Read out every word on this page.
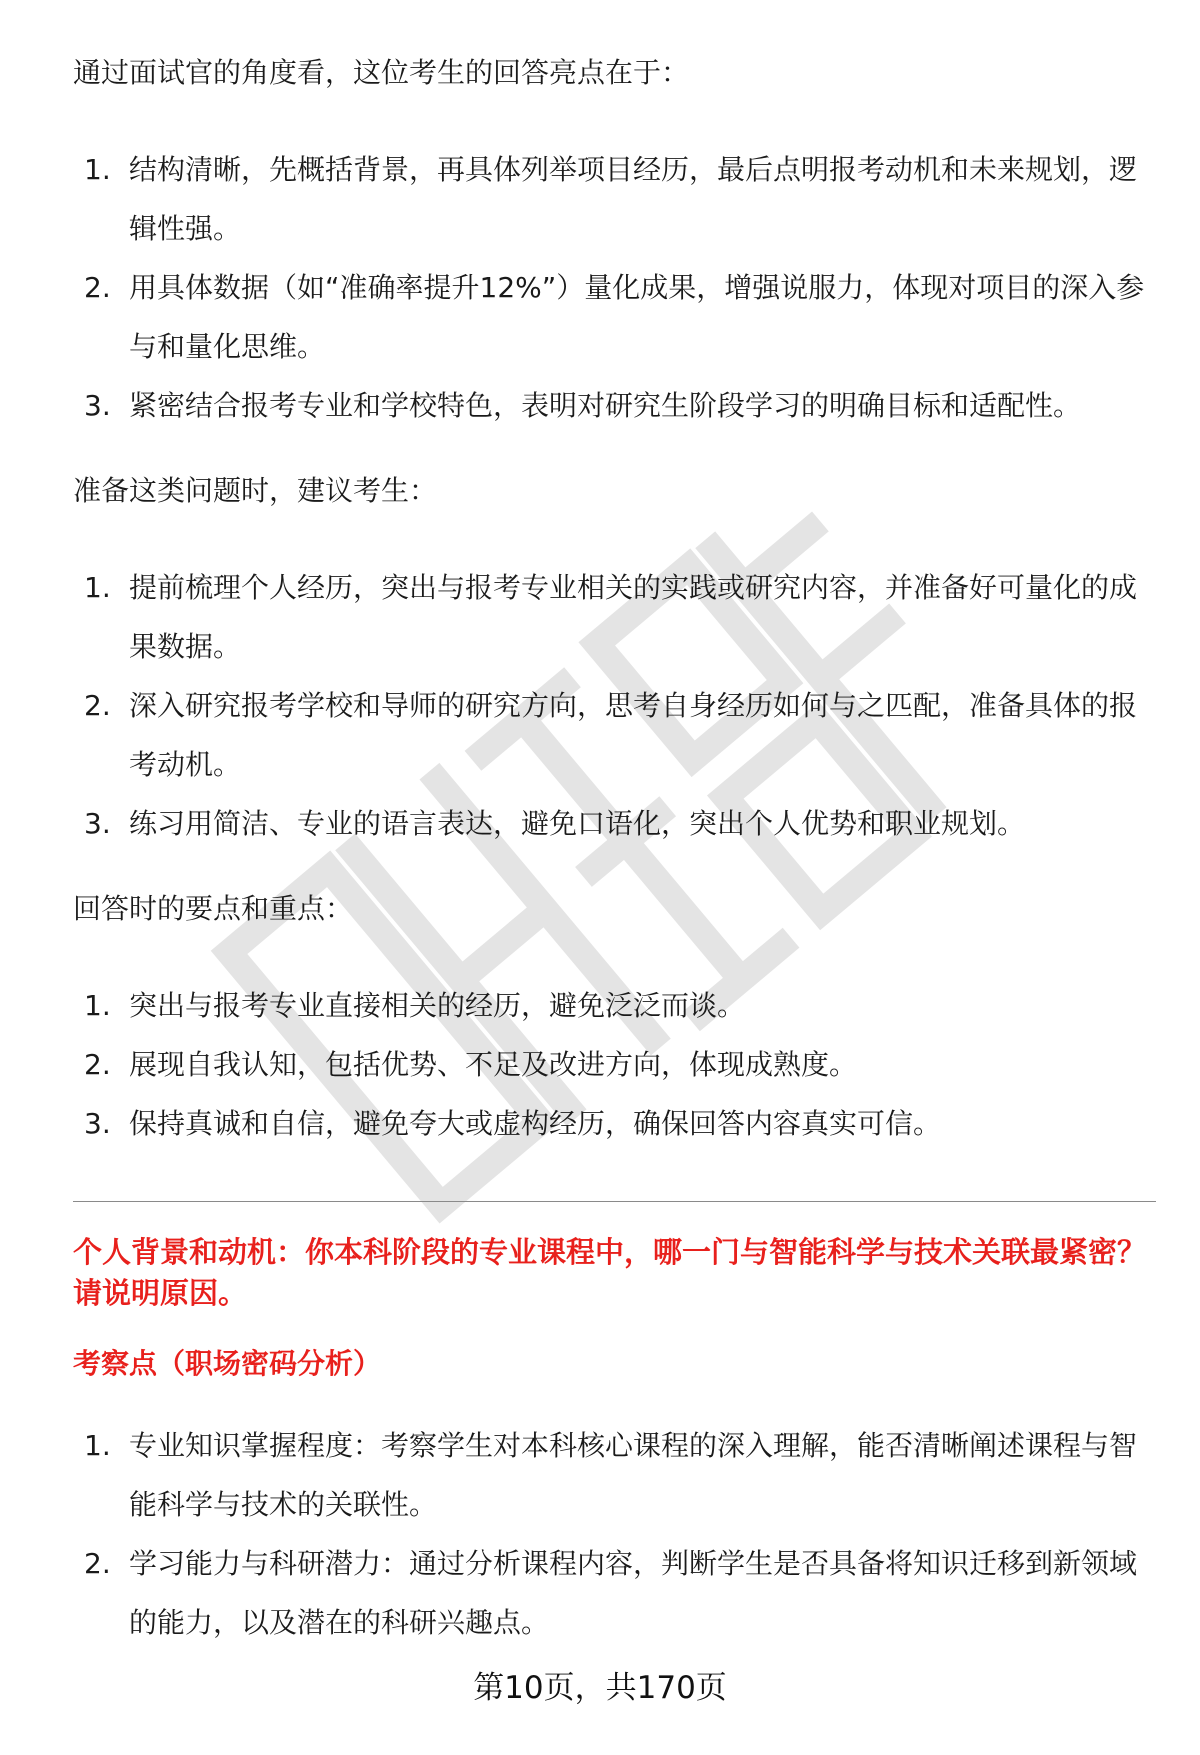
通过面试官的角度看，这位考生的回答亮点在于：

1. 结构清晰，先概括背景，再具体列举项目经历，最后点明报考动机和未来规划，逻辑性强。
2. 用具体数据（如“准确率提升12%”）量化成果，增强说服力，体现对项目的深入参与和量化思维。
3. 紧密结合报考专业和学校特色，表明对研究生阶段学习的明确目标和适配性。

准备这类问题时，建议考生：

1. 提前梳理个人经历，突出与报考专业相关的实践或研究内容，并准备好可量化的成果数据。
2. 深入研究报考学校和导师的研究方向，思考自身经历如何与之匹配，准备具体的报考动机。
3. 练习用简洁、专业的语言表达，避免口语化，突出个人优势和职业规划。

回答时的要点和重点：

1. 突出与报考专业直接相关的经历，避免泛泛而谈。
2. 展现自我认知，包括优势、不足及改进方向，体现成熟度。
3. 保持真诚和自信，避免夸大或虚构经历，确保回答内容真实可信。

个人背景和动机：你本科阶段的专业课程中，哪一门与智能科学与技术关联最紧密？请说明原因。

考察点（职场密码分析）

1. 专业知识掌握程度：考察学生对本科核心课程的深入理解，能否清晰阐述课程与智能科学与技术的关联性。
2. 学习能力与科研潜力：通过分析课程内容，判断学生是否具备将知识迁移到新领域的能力，以及潜在的科研兴趣点。
第10页，共170页
